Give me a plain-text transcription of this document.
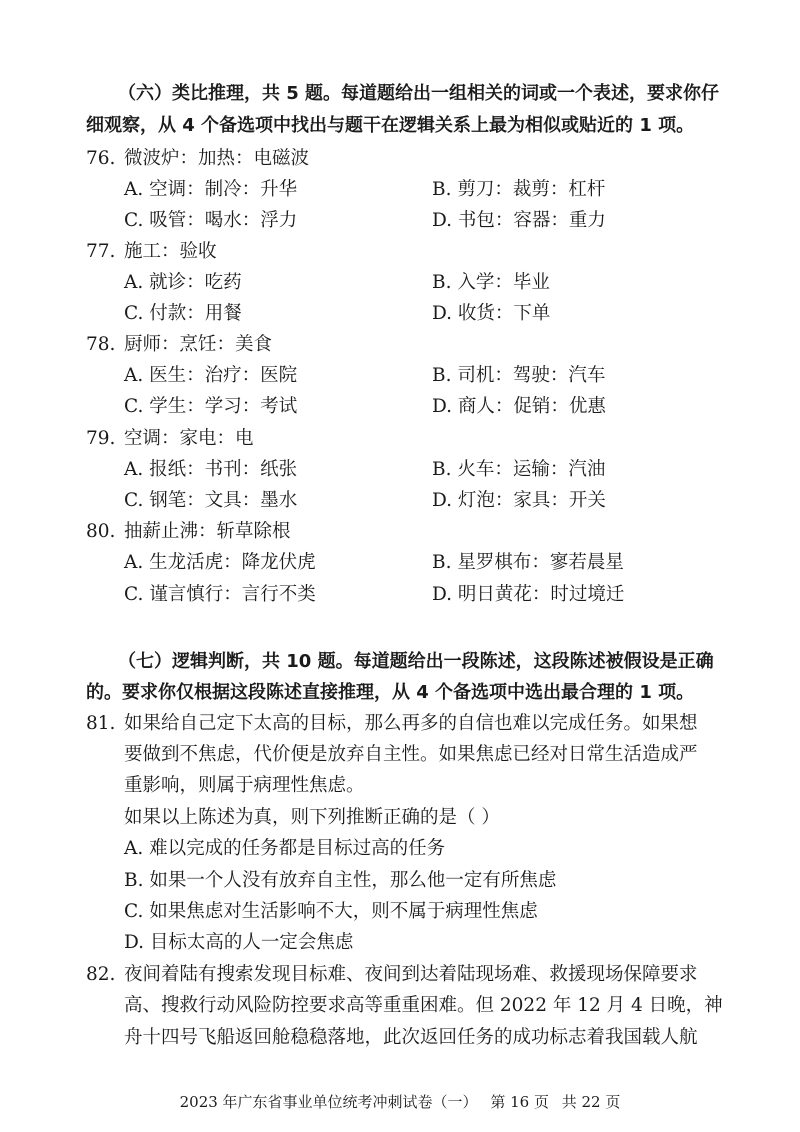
（六）类比推理，共 5 题。每道题给出一组相关的词或一个表述，要求你仔
细观察，从 4 个备选项中找出与题干在逻辑关系上最为相似或贴近的 1 项。
76. 微波炉：加热：电磁波
A. 空调：制冷：升华	B. 剪刀：裁剪：杠杆
C. 吸管：喝水：浮力	D. 书包：容器：重力
77. 施工：验收
A. 就诊：吃药	B. 入学：毕业
C. 付款：用餐	D. 收货：下单
78. 厨师：烹饪：美食
A. 医生：治疗：医院	B. 司机：驾驶：汽车
C. 学生：学习：考试	D. 商人：促销：优惠
79. 空调：家电：电
A. 报纸：书刊：纸张	B. 火车：运输：汽油
C. 钢笔：文具：墨水	D. 灯泡：家具：开关
80. 抽薪止沸：斩草除根
A. 生龙活虎：降龙伏虎	B. 星罗棋布：寥若晨星
C. 谨言慎行：言行不类	D. 明日黄花：时过境迁
（七）逻辑判断，共 10 题。每道题给出一段陈述，这段陈述被假设是正确
的。要求你仅根据这段陈述直接推理，从 4 个备选项中选出最合理的 1 项。
81. 如果给自己定下太高的目标，那么再多的自信也难以完成任务。如果想
要做到不焦虑，代价便是放弃自主性。如果焦虑已经对日常生活造成严
重影响，则属于病理性焦虑。
如果以上陈述为真，则下列推断正确的是（ ）
A. 难以完成的任务都是目标过高的任务
B. 如果一个人没有放弃自主性，那么他一定有所焦虑
C. 如果焦虑对生活影响不大，则不属于病理性焦虑
D. 目标太高的人一定会焦虑
82. 夜间着陆有搜索发现目标难、夜间到达着陆现场难、救援现场保障要求
高、搜救行动风险防控要求高等重重困难。但 2022 年 12 月 4 日晚，神
舟十四号飞船返回舱稳稳落地，此次返回任务的成功标志着我国载人航
2023 年广东省事业单位统考冲刺试卷（一） 第 16 页 共 22 页
